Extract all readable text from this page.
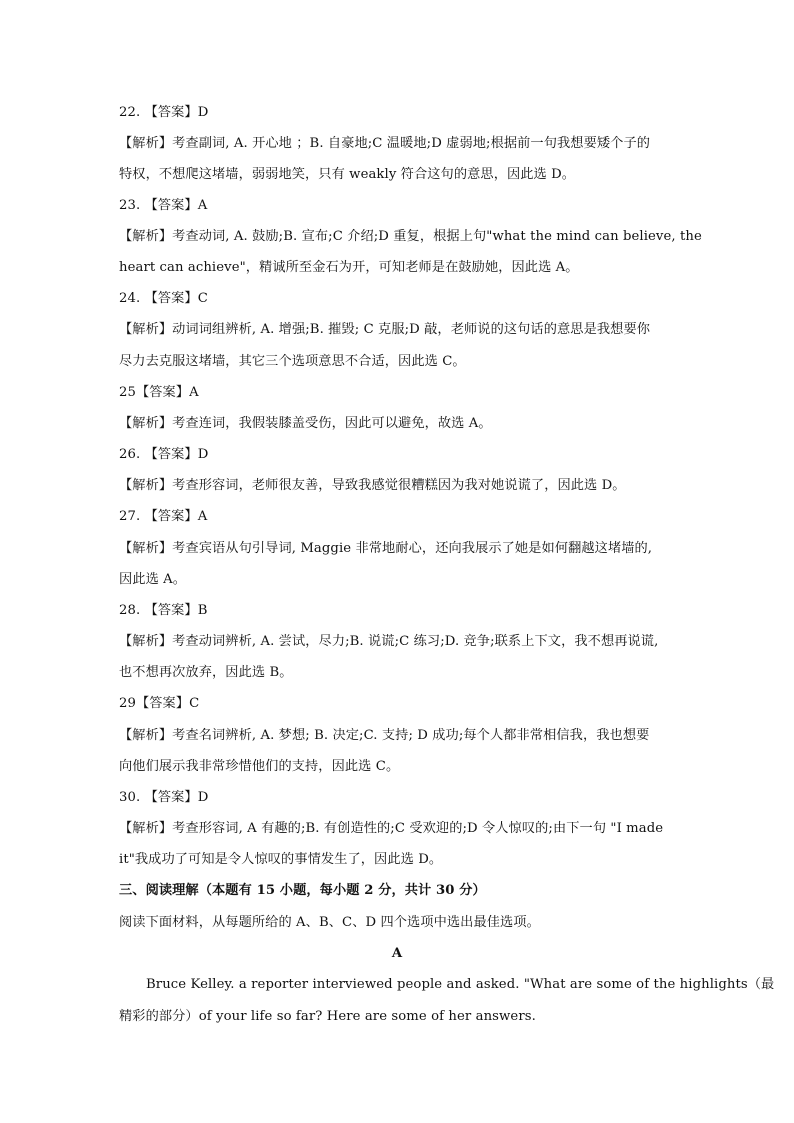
22. 【答案】D
【解析】考查副词, A. 开心地 ；B. 自豪地;C 温暖地;D 虚弱地;根据前一句我想要矮个子的
特权，不想爬这堵墙，弱弱地笑，只有 weakly 符合这句的意思，因此选 D。
23. 【答案】A
【解析】考查动词, A. 鼓励;B. 宣布;C 介绍;D 重复，根据上句"what the mind can believe, the
heart can achieve"，精诚所至金石为开，可知老师是在鼓励她，因此选 A。
24. 【答案】C
【解析】动词词组辨析, A. 增强;B. 摧毁; C 克服;D 敲，老师说的这句话的意思是我想要你
尽力去克服这堵墙，其它三个选项意思不合适，因此选 C。
25【答案】A
【解析】考查连词，我假装膝盖受伤，因此可以避免，故选 A。
26. 【答案】D
【解析】考查形容词，老师很友善，导致我感觉很糟糕因为我对她说谎了，因此选 D。
27. 【答案】A
【解析】考查宾语从句引导词, Maggie 非常地耐心，还向我展示了她是如何翻越这堵墙的,
因此选 A。
28. 【答案】B
【解析】考查动词辨析, A. 尝试，尽力;B. 说谎;C 练习;D. 竞争;联系上下文，我不想再说谎,
也不想再次放弃，因此选 B。
29【答案】C
【解析】考查名词辨析, A. 梦想; B. 决定;C. 支持; D 成功;每个人都非常相信我，我也想要
向他们展示我非常珍惜他们的支持，因此选 C。
30. 【答案】D
【解析】考查形容词, A 有趣的;B. 有创造性的;C 受欢迎的;D 令人惊叹的;由下一句 "I made
it"我成功了可知是令人惊叹的事情发生了，因此选 D。
三、阅读理解（本题有 15 小题，每小题 2 分，共计 30 分）
阅读下面材料，从每题所给的 A、B、C、D 四个选项中选出最佳选项。
A
Bruce Kelley. a reporter interviewed people and asked. "What are some of the highlights（最
精彩的部分）of your life so far? Here are some of her answers.
